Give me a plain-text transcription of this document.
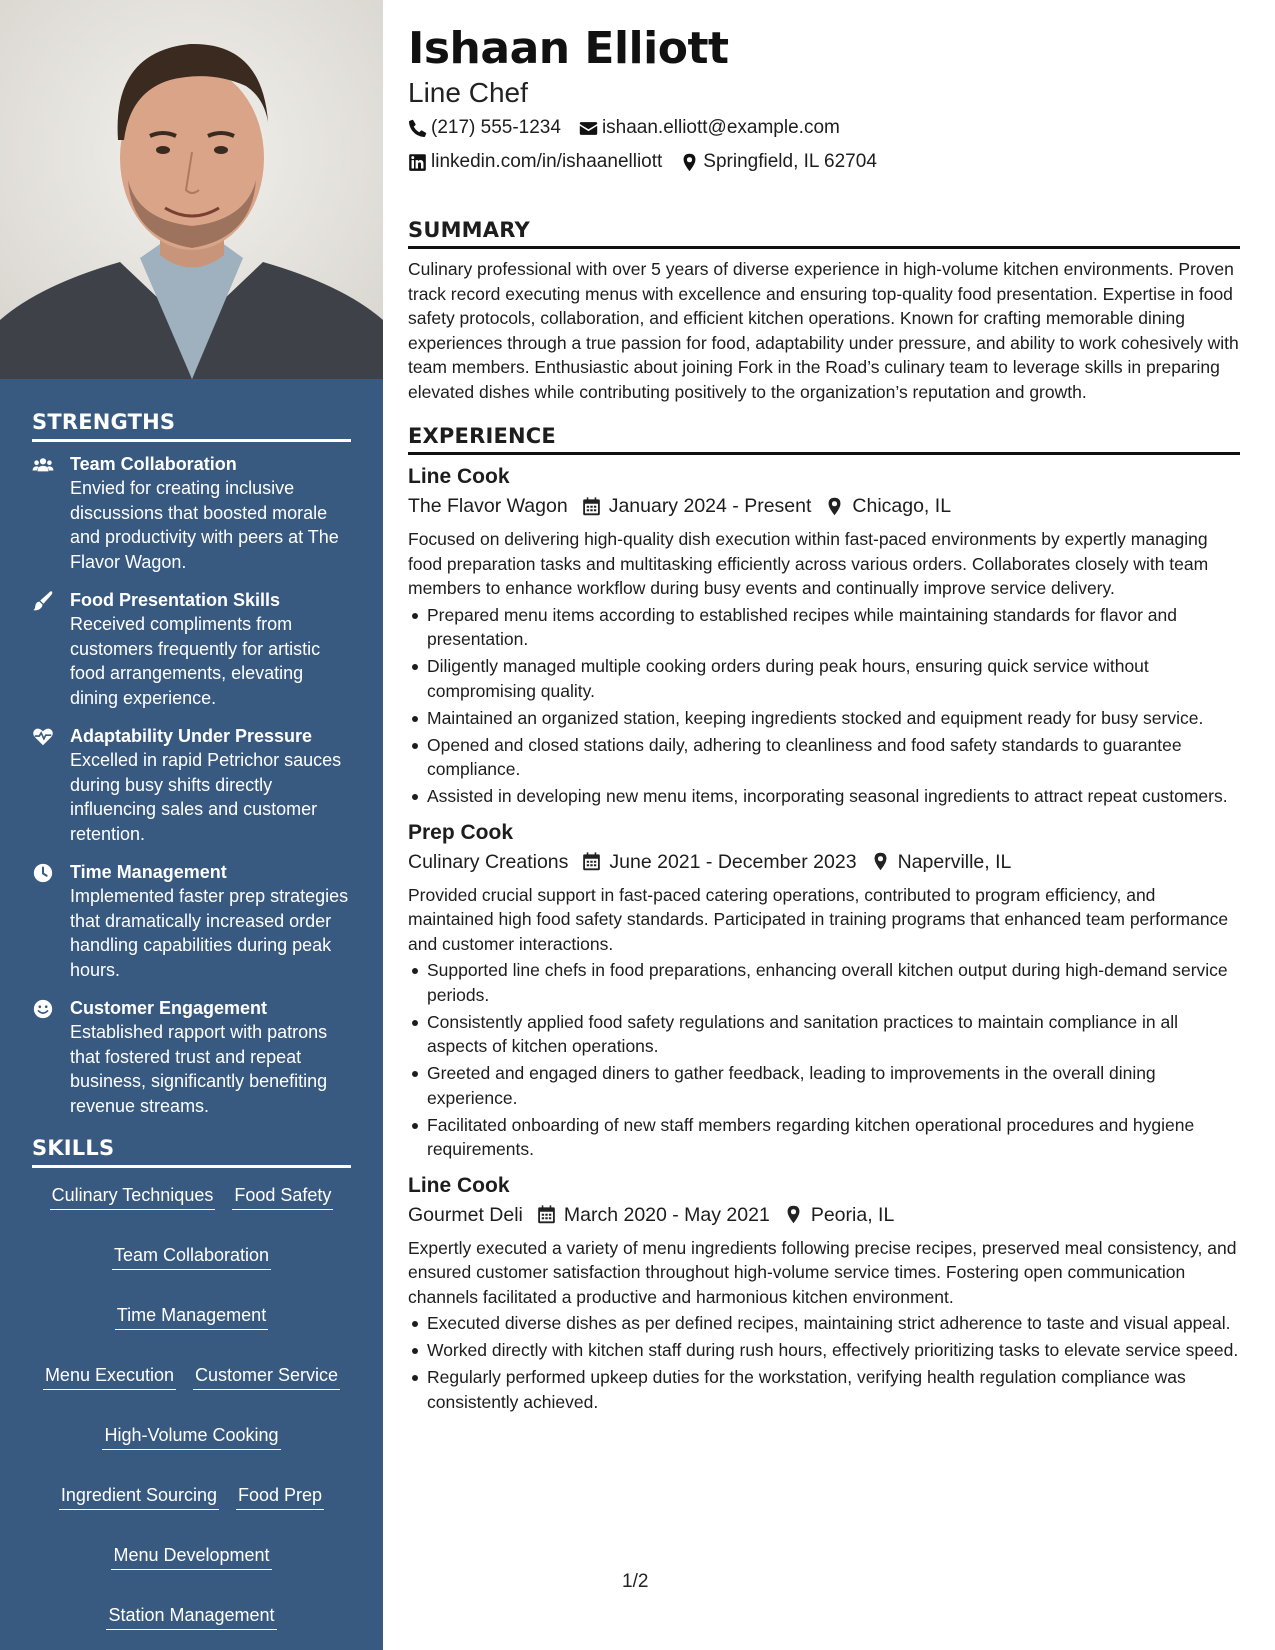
STRENGTHS
Team Collaboration
Envied for creating inclusive discussions that boosted morale and productivity with peers at The Flavor Wagon.
Food Presentation Skills
Received compliments from customers frequently for artistic food arrangements, elevating dining experience.
Adaptability Under Pressure
Excelled in rapid Petrichor sauces during busy shifts directly influencing sales and customer retention.
Time Management
Implemented faster prep strategies that dramatically increased order handling capabilities during peak hours.
Customer Engagement
Established rapport with patrons that fostered trust and repeat business, significantly benefiting revenue streams.
SKILLS
Culinary Techniques Food Safety
Team Collaboration
Time Management
Menu Execution Customer Service
High-Volume Cooking
Ingredient Sourcing Food Prep
Menu Development
Station Management
Ishaan Elliott
Line Chef
(217) 555-1234 ishaan.elliott@example.com
linkedin.com/in/ishaanelliott Springfield, IL 62704
SUMMARY

Culinary professional with over 5 years of diverse experience in high-volume kitchen environments. Proven track record executing menus with excellence and ensuring top-quality food presentation. Expertise in food safety protocols, collaboration, and efficient kitchen operations. Known for crafting memorable dining experiences through a true passion for food, adaptability under pressure, and ability to work cohesively with team members. Enthusiastic about joining Fork in the Road’s culinary team to leverage skills in preparing elevated dishes while contributing positively to the organization’s reputation and growth.

EXPERIENCE
Line Cook
The Flavor Wagon January 2024 - Present Chicago, IL

Focused on delivering high-quality dish execution within fast-paced environments by expertly managing food preparation tasks and multitasking efficiently across various orders. Collaborates closely with team members to enhance workflow during busy events and continually improve service delivery.

Prepared menu items according to established recipes while maintaining standards for flavor and presentation.
Diligently managed multiple cooking orders during peak hours, ensuring quick service without compromising quality.
Maintained an organized station, keeping ingredients stocked and equipment ready for busy service.
Opened and closed stations daily, adhering to cleanliness and food safety standards to guarantee compliance.
Assisted in developing new menu items, incorporating seasonal ingredients to attract repeat customers.
Prep Cook
Culinary Creations June 2021 - December 2023 Naperville, IL

Provided crucial support in fast-paced catering operations, contributed to program efficiency, and maintained high food safety standards. Participated in training programs that enhanced team performance and customer interactions.

Supported line chefs in food preparations, enhancing overall kitchen output during high-demand service periods.
Consistently applied food safety regulations and sanitation practices to maintain compliance in all aspects of kitchen operations.
Greeted and engaged diners to gather feedback, leading to improvements in the overall dining experience.
Facilitated onboarding of new staff members regarding kitchen operational procedures and hygiene requirements.
Line Cook
Gourmet Deli March 2020 - May 2021 Peoria, IL

Expertly executed a variety of menu ingredients following precise recipes, preserved meal consistency, and ensured customer satisfaction throughout high-volume service times. Fostering open communication channels facilitated a productive and harmonious kitchen environment.

Executed diverse dishes as per defined recipes, maintaining strict adherence to taste and visual appeal.
Worked directly with kitchen staff during rush hours, effectively prioritizing tasks to elevate service speed.
Regularly performed upkeep duties for the workstation, verifying health regulation compliance was consistently achieved.
1/2
